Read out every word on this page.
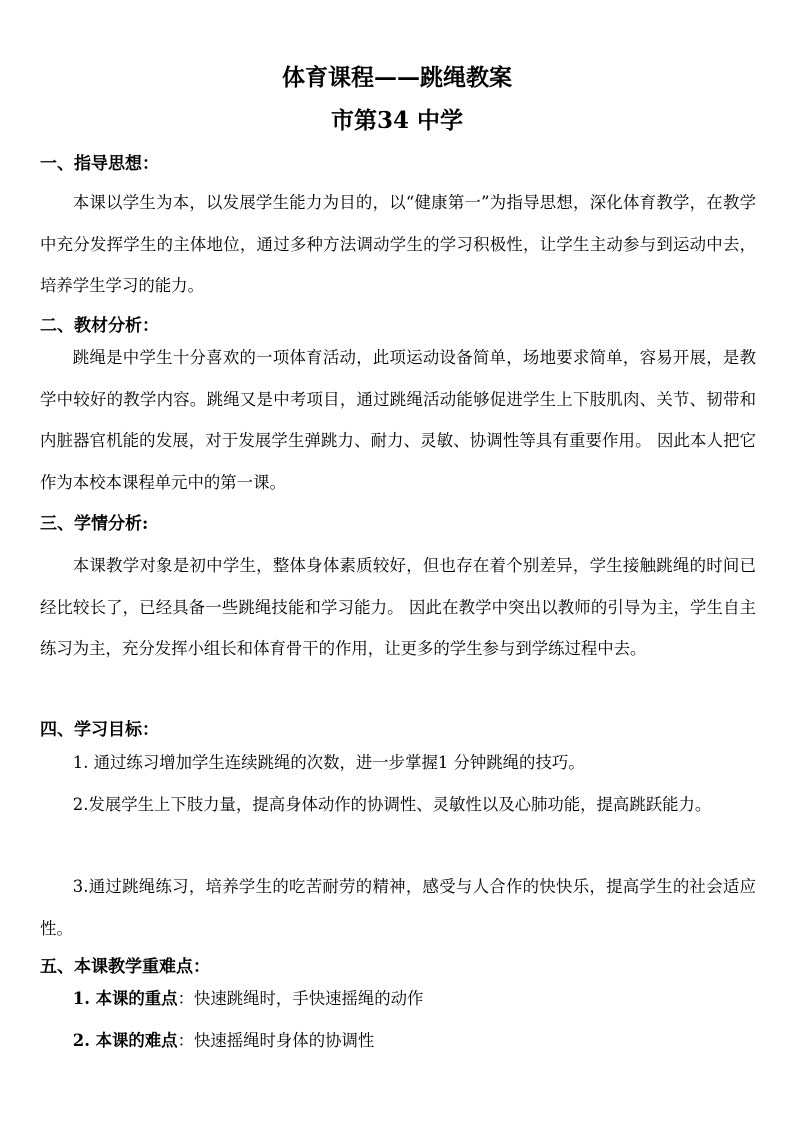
体育课程——跳绳教案
市第34 中学
一、指导思想：

本课以学生为本，以发展学生能力为目的，以“健康第一”为指导思想，深化体育教学，在教学中充分发挥学生的主体地位，通过多种方法调动学生的学习积极性，让学生主动参与到运动中去，培养学生学习的能力。

二、教材分析：

跳绳是中学生十分喜欢的一项体育活动，此项运动设备简单，场地要求简单，容易开展，是教学中较好的教学内容。跳绳又是中考项目，通过跳绳活动能够促进学生上下肢肌肉、关节、韧带和内脏器官机能的发展，对于发展学生弹跳力、耐力、灵敏、协调性等具有重要作用。 因此本人把它作为本校本课程单元中的第一课。

三、学情分析:

本课教学对象是初中学生，整体身体素质较好，但也存在着个别差异，学生接触跳绳的时间已经比较长了，已经具备一些跳绳技能和学习能力。 因此在教学中突出以教师的引导为主，学生自主练习为主，充分发挥小组长和体育骨干的作用，让更多的学生参与到学练过程中去。

四、学习目标：

1. 通过练习增加学生连续跳绳的次数，进一步掌握1 分钟跳绳的技巧。

2.发展学生上下肢力量，提高身体动作的协调性、灵敏性以及心肺功能，提高跳跃能力。

3.通过跳绳练习，培养学生的吃苦耐劳的精神，感受与人合作的快快乐，提高学生的社会适应性。

五、本课教学重难点：

1. 本课的重点：快速跳绳时，手快速摇绳的动作

2. 本课的难点：快速摇绳时身体的协调性
